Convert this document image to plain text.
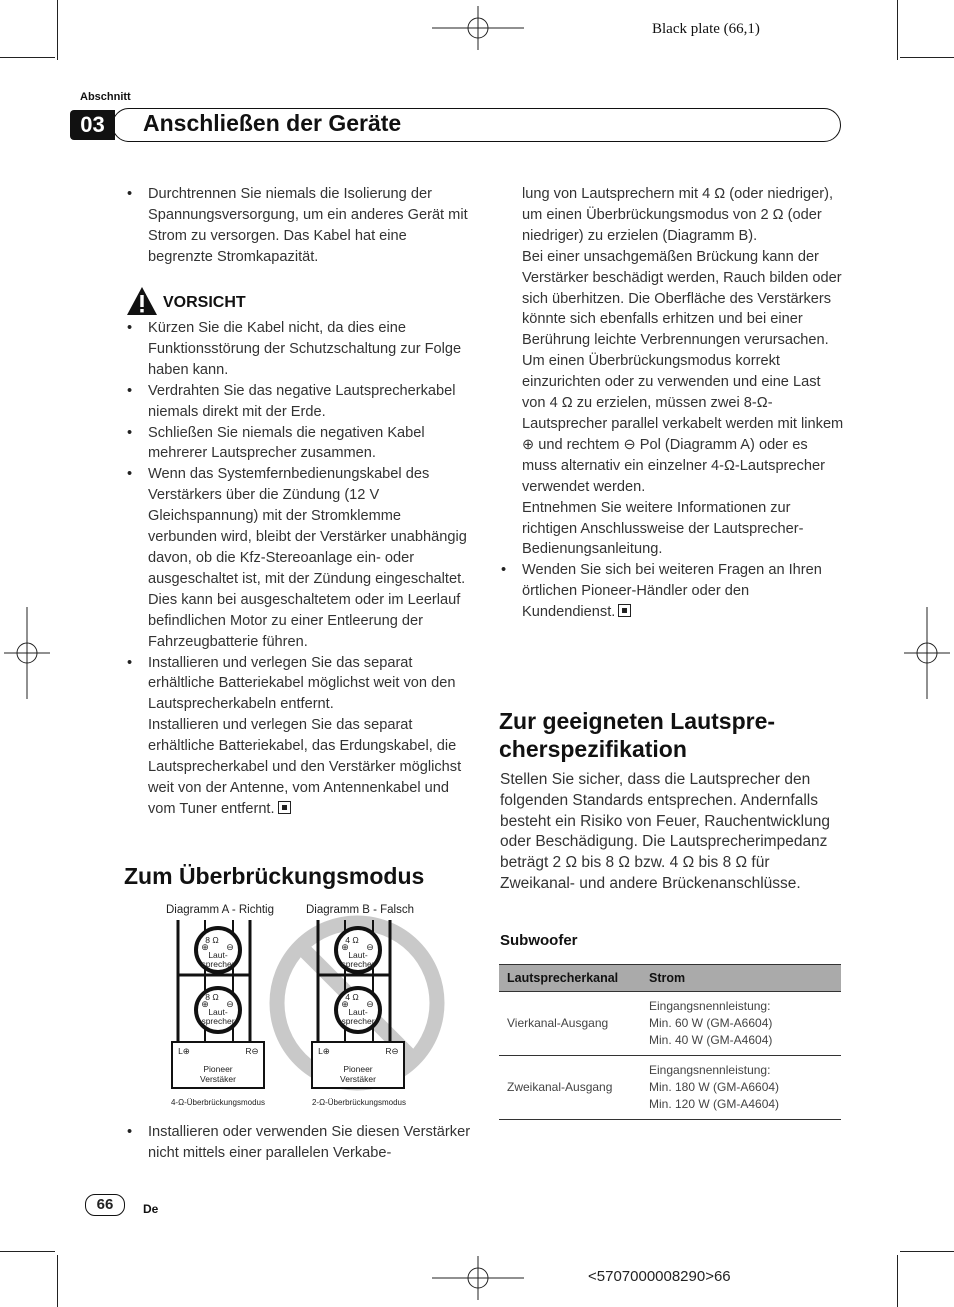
Black plate (66,1)
Abschnitt
03	Anschließen der Geräte
• Durchtrennen Sie niemals die Isolierung der Spannungsversorgung, um ein anderes Gerät mit Strom zu versorgen. Das Kabel hat eine begrenzte Stromkapazität.
VORSICHT
• Kürzen Sie die Kabel nicht, da dies eine Funktionsstörung der Schutzschaltung zur Folge haben kann.
• Verdrahten Sie das negative Lautsprecherkabel niemals direkt mit der Erde.
• Schließen Sie niemals die negativen Kabel mehrerer Lautsprecher zusammen.
• Wenn das Systemfernbedienungskabel des Verstärkers über die Zündung (12 V Gleichspannung) mit der Stromklemme verbunden wird, bleibt der Verstärker unabhängig davon, ob die Kfz-Stereoanlage ein- oder ausgeschaltet ist, mit der Zündung eingeschaltet. Dies kann bei ausgeschaltetem oder im Leerlauf befindlichen Motor zu einer Entleerung der Fahrzeugbatterie führen.
• Installieren und verlegen Sie das separat erhältliche Batteriekabel möglichst weit von den Lautsprecherkabeln entfernt.
Installieren und verlegen Sie das separat erhältliche Batteriekabel, das Erdungskabel, die Lautsprecherkabel und den Verstärker möglichst weit von der Antenne, vom Antennenkabel und vom Tuner entfernt.
Zum Überbrückungsmodus
Diagramm A - Richtig
8 Ω
⊕ ⊖
Laut-
sprecher
8 Ω
⊕ ⊖
Laut-
sprecher
L⊕	R⊖
Pioneer
Verstäker
4-Ω-Überbrückungsmodus
Diagramm B - Falsch
4 Ω
⊕ ⊖
Laut-
sprecher
4 Ω
⊕ ⊖
Laut-
sprecher
L⊕	R⊖
Pioneer
Verstäker
2-Ω-Überbrückungsmodus
• Installieren oder verwenden Sie diesen Verstärker nicht mittels einer parallelen Verkabe-

lung von Lautsprechern mit 4 Ω (oder niedriger), um einen Überbrückungsmodus von 2 Ω (oder niedriger) zu erzielen (Diagramm B).

Bei einer unsachgemäßen Brückung kann der Verstärker beschädigt werden, Rauch bilden oder sich überhitzen. Die Oberfläche des Verstärkers könnte sich ebenfalls erhitzen und bei einer Berührung leichte Verbrennungen verursachen.

Um einen Überbrückungsmodus korrekt einzurichten oder zu verwenden und eine Last von 4 Ω zu erzielen, müssen zwei 8-Ω-Lautsprecher parallel verkabelt werden mit linkem ⊕ und rechtem ⊖ Pol (Diagramm A) oder es muss alternativ ein einzelner 4-Ω-Lautsprecher verwendet werden.

Entnehmen Sie weitere Informationen zur richtigen Anschlussweise der Lautsprecher-Bedienungsanleitung.

• Wenden Sie sich bei weiteren Fragen an Ihren örtlichen Pioneer-Händler oder den Kundendienst.
Zur geeigneten Lautspre-
cherspezifikation

Stellen Sie sicher, dass die Lautsprecher den folgenden Standards entsprechen. Andernfalls besteht ein Risiko von Feuer, Rauchentwicklung oder Beschädigung. Die Lautsprecherimpedanz beträgt 2 Ω bis 8 Ω bzw. 4 Ω bis 8 Ω für Zweikanal- und andere Brückenanschlüsse.

Subwoofer
Lautsprecherkanal	Strom
Vierkanal-Ausgang	Eingangsnennleistung:
Min. 60 W (GM-A6604)
Min. 40 W (GM-A4604)

Zweikanal-Ausgang	Eingangsnennleistung:
Min. 180 W (GM-A6604)
Min. 120 W (GM-A4604)
66	De
<5707000008290>66
